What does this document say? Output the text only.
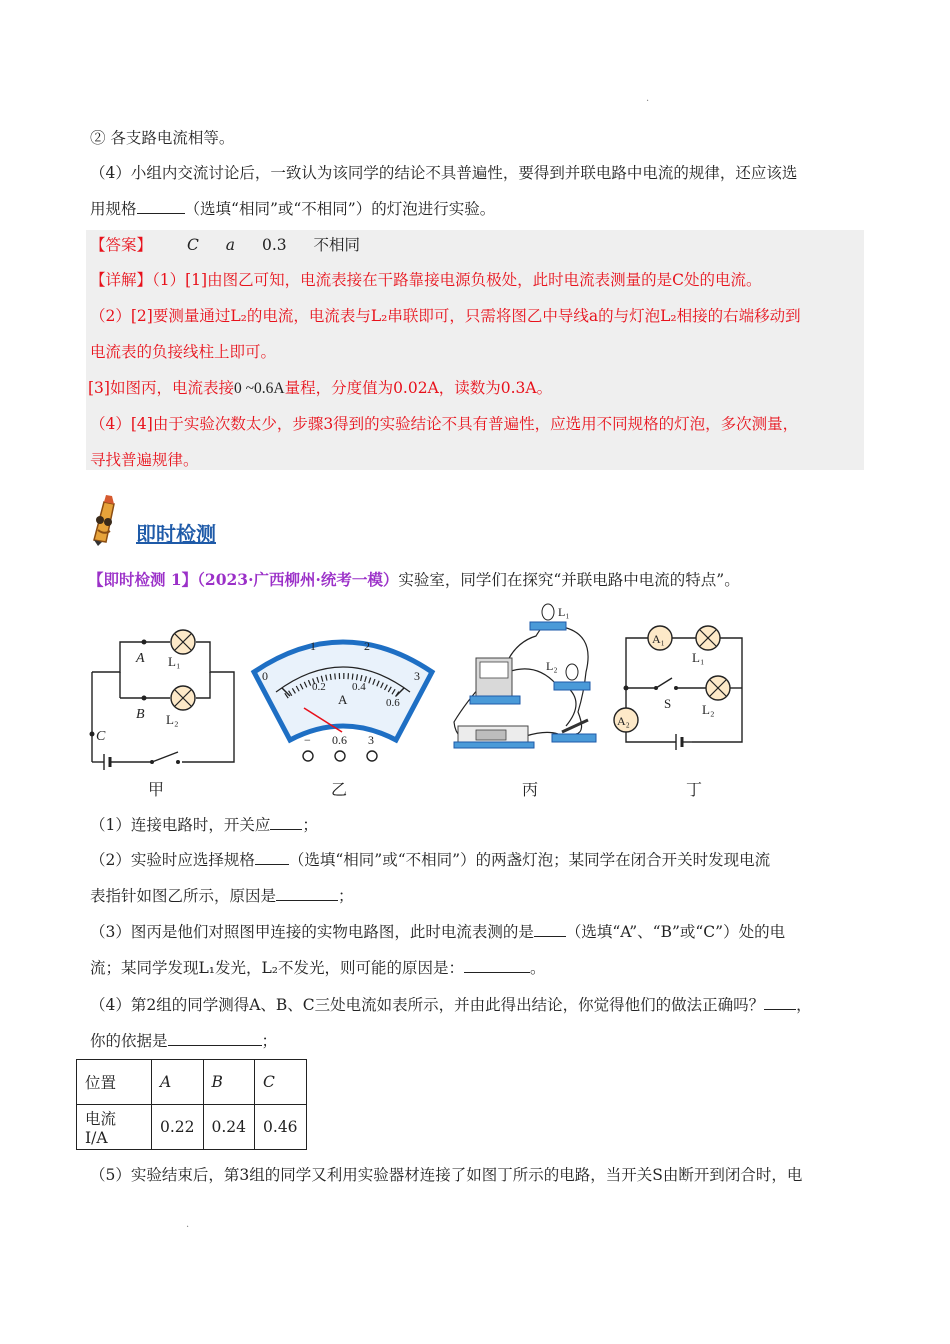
·
·
② 各支路电流相等。
（4）小组内交流讨论后，一致认为该同学的结论不具普遍性，要得到并联电路中电流的规律，还应该选
用规格	（选填“相同”或“不相同”）的灯泡进行实验。
【答案】 C a 0.3 不相同
【详解】（1）[1]由图乙可知，电流表接在干路靠接电源负极处，此时电流表测量的是C处的电流。
（2）[2]要测量通过L₂的电流，电流表与L₂串联即可，只需将图乙中导线a的与灯泡L₂相接的右端移动到
电流表的负接线柱上即可。
[3]如图丙，电流表接0 ~0.6A量程，分度值为0.02A，读数为0.3A。
（4）[4]由于实验次数太少，步骤3得到的实验结论不具有普遍性，应选用不同规格的灯泡，多次测量，
寻找普遍规律。
即时检测
【即时检测 1】（2023·广西柳州·统考一模）实验室，同学们在探究“并联电路中电流的特点”。
A L₁
B L₂
C
甲
0
1	2
3
0.2 0.4
0.6
A
− 0.6 3
乙
L₁
L₂
丙
A₁
L₁
L₂
S
A₂
丁
（1）连接电路时，开关应 ；
（2）实验时应选择规格 （选填“相同”或“不相同”）的两盏灯泡；某同学在闭合开关时发现电流
表指针如图乙所示，原因是	；
（3）图丙是他们对照图甲连接的实物电路图，此时电流表测的是 （选填“A”、“B”或“C”）处的电
流；某同学发现L₁发光，L₂不发光，则可能的原因是：	。
（4）第2组的同学测得A、B、C三处电流如表所示，并由此得出结论，你觉得他们的做法正确吗？ ，
你的依据是	；
位置	A	B	C
电流 I/A	0.22	0.24	0.46
（5）实验结束后，第3组的同学又利用实验器材连接了如图丁所示的电路，当开关S由断开到闭合时，电
